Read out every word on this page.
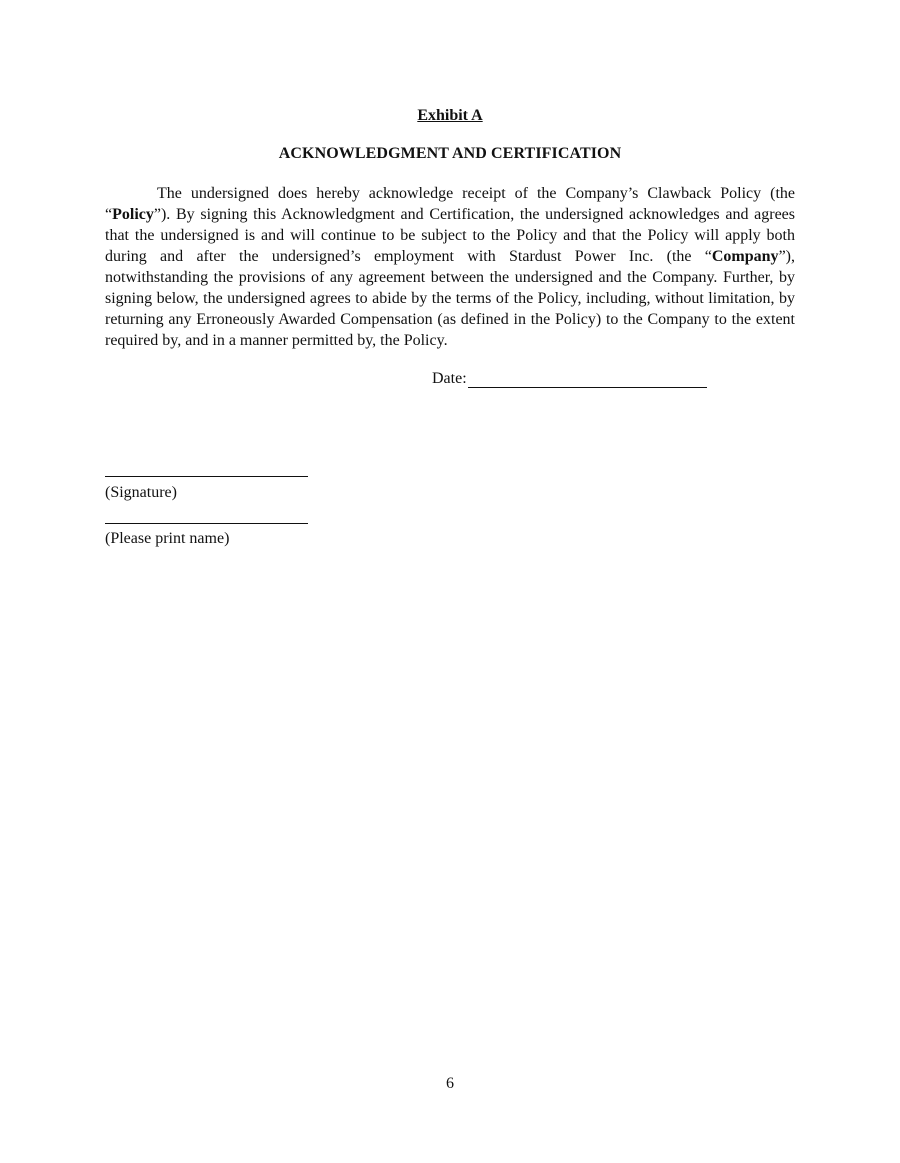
Exhibit A
ACKNOWLEDGMENT AND CERTIFICATION

The undersigned does hereby acknowledge receipt of the Company’s Clawback Policy (the “Policy”). By signing this Acknowledgment and Certification, the undersigned acknowledges and agrees that the undersigned is and will continue to be subject to the Policy and that the Policy will apply both during and after the undersigned’s employment with Stardust Power Inc. (the “Company”), notwithstanding the provisions of any agreement between the undersigned and the Company. Further, by signing below, the undersigned agrees to abide by the terms of the Policy, including, without limitation, by returning any Erroneously Awarded Compensation (as defined in the Policy) to the Company to the extent required by, and in a manner permitted by, the Policy.

Date:
(Signature)
(Please print name)
6
